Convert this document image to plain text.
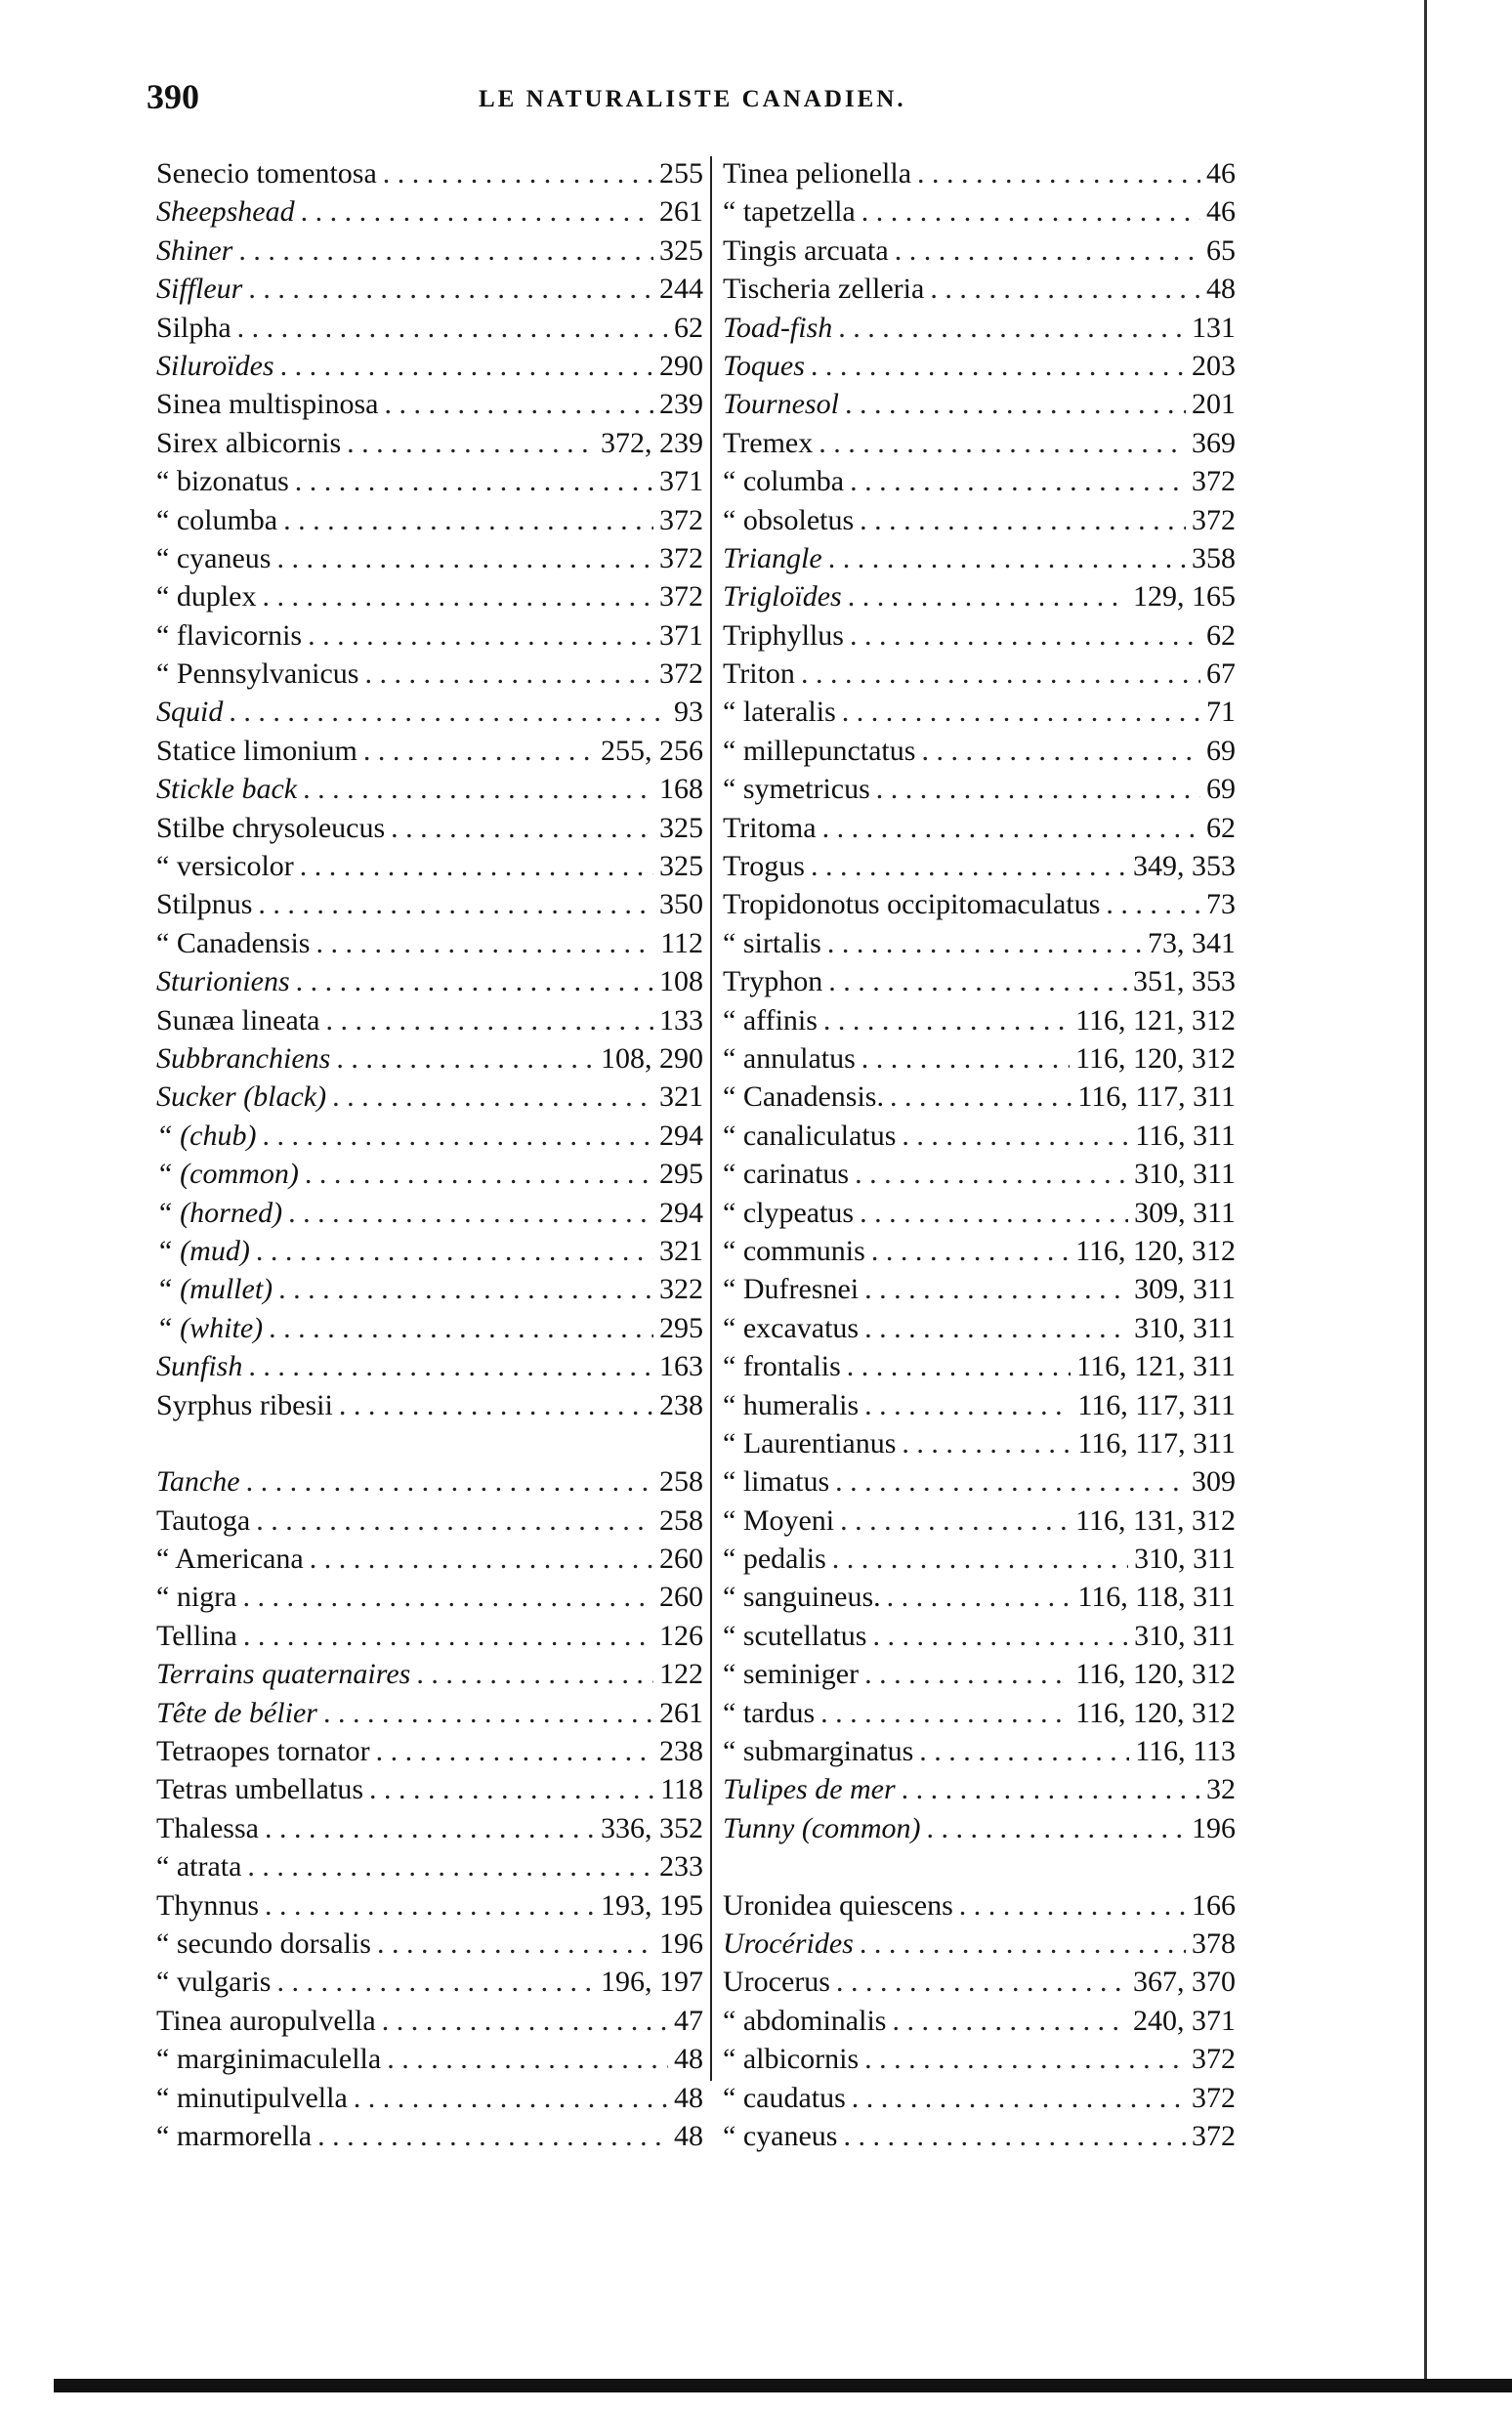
390	LE NATURALISTE CANADIEN.
Senecio tomentosa . . .	255
Sheepshead . . .	261
Shiner . . .	325
Siffleur . . .	244
Silpha . . .	62
Siluroïdes . . .	290
Sinea multispinosa . . .	239
Sirex albicornis . . .	372, 239
“ bizonatus . . .	371
“ columba . . .	372
“ cyaneus . . .	372
“ duplex . . .	372
“ flavicornis . . .	371
“ Pennsylvanicus . . .	372
Squid . . .	93
Statice limonium . . .	255, 256
Stickle back . . .	168
Stilbe chrysoleucus . . .	325
“ versicolor . . .	325
Stilpnus . . .	350
“ Canadensis . . .	112
Sturioniens . . .	108
Sunæa lineata . . .	133
Subbranchiens . . .	108, 290
Sucker (black) . . .	321
“ (chub) . . .	294
“ (common) . . .	295
“ (horned) . . .	294
“ (mud) . . .	321
“ (mullet) . . .	322
“ (white) . . .	295
Sunfish . . .	163
Syrphus ribesii . . .	238
Tanche . . .	258
Tautoga . . .	258
“ Americana . . .	260
“ nigra . . .	260
Tellina . . .	126
Terrains quaternaires . . .	122
Tête de bélier . . .	261
Tetraopes tornator . . .	238
Tetras umbellatus . . .	118
Thalessa . . .	336, 352
“ atrata . . .	233
Thynnus . . .	193, 195
“ secundo dorsalis . . .	196
“ vulgaris . . .	196, 197
Tinea auropulvella . . .	47
“ marginimaculella . . .	48
“ minutipulvella . . .	48
“ marmorella . . .	48
Tinea pelionella . . .	46
“ tapetzella . . .	46
Tingis arcuata . . .	65
Tischeria zelleria . . .	48
Toad-fish . . .	131
Toques . . .	203
Tournesol . . .	201
Tremex . . .	369
“ columba . . .	372
“ obsoletus . . .	372
Triangle . . .	358
Trigloïdes . . .	129, 165
Triphyllus . . .	62
Triton . . .	67
“ lateralis . . .	71
“ millepunctatus . . .	69
“ symetricus . . .	69
Tritoma . . .	62
Trogus . . .	349, 353
Tropidonotus occipitomaculatus . . .	73
“ sirtalis . . .	73, 341
Tryphon . . .	351, 353
“ affinis . . .	116, 121, 312
“ annulatus . . .	116, 120, 312
“ Canadensis. . . .	116, 117, 311
“ canaliculatus . . .	116, 311
“ carinatus . . .	310, 311
“ clypeatus . . .	309, 311
“ communis . . .	116, 120, 312
“ Dufresnei . . .	309, 311
“ excavatus . . .	310, 311
“ frontalis . . .	116, 121, 311
“ humeralis . . .	116, 117, 311
“ Laurentianus . . .	116, 117, 311
“ limatus . . .	309
“ Moyeni . . .	116, 131, 312
“ pedalis . . .	310, 311
“ sanguineus. . . .	116, 118, 311
“ scutellatus . . .	310, 311
“ seminiger . . .	116, 120, 312
“ tardus . . .	116, 120, 312
“ submarginatus . . .	116, 113
Tulipes de mer . . .	32
Tunny (common) . . .	196
Uronidea quiescens . . .	166
Urocérides . . .	378
Urocerus . . .	367, 370
“ abdominalis . . .	240, 371
“ albicornis . . .	372
“ caudatus . . .	372
“ cyaneus . . .	372
